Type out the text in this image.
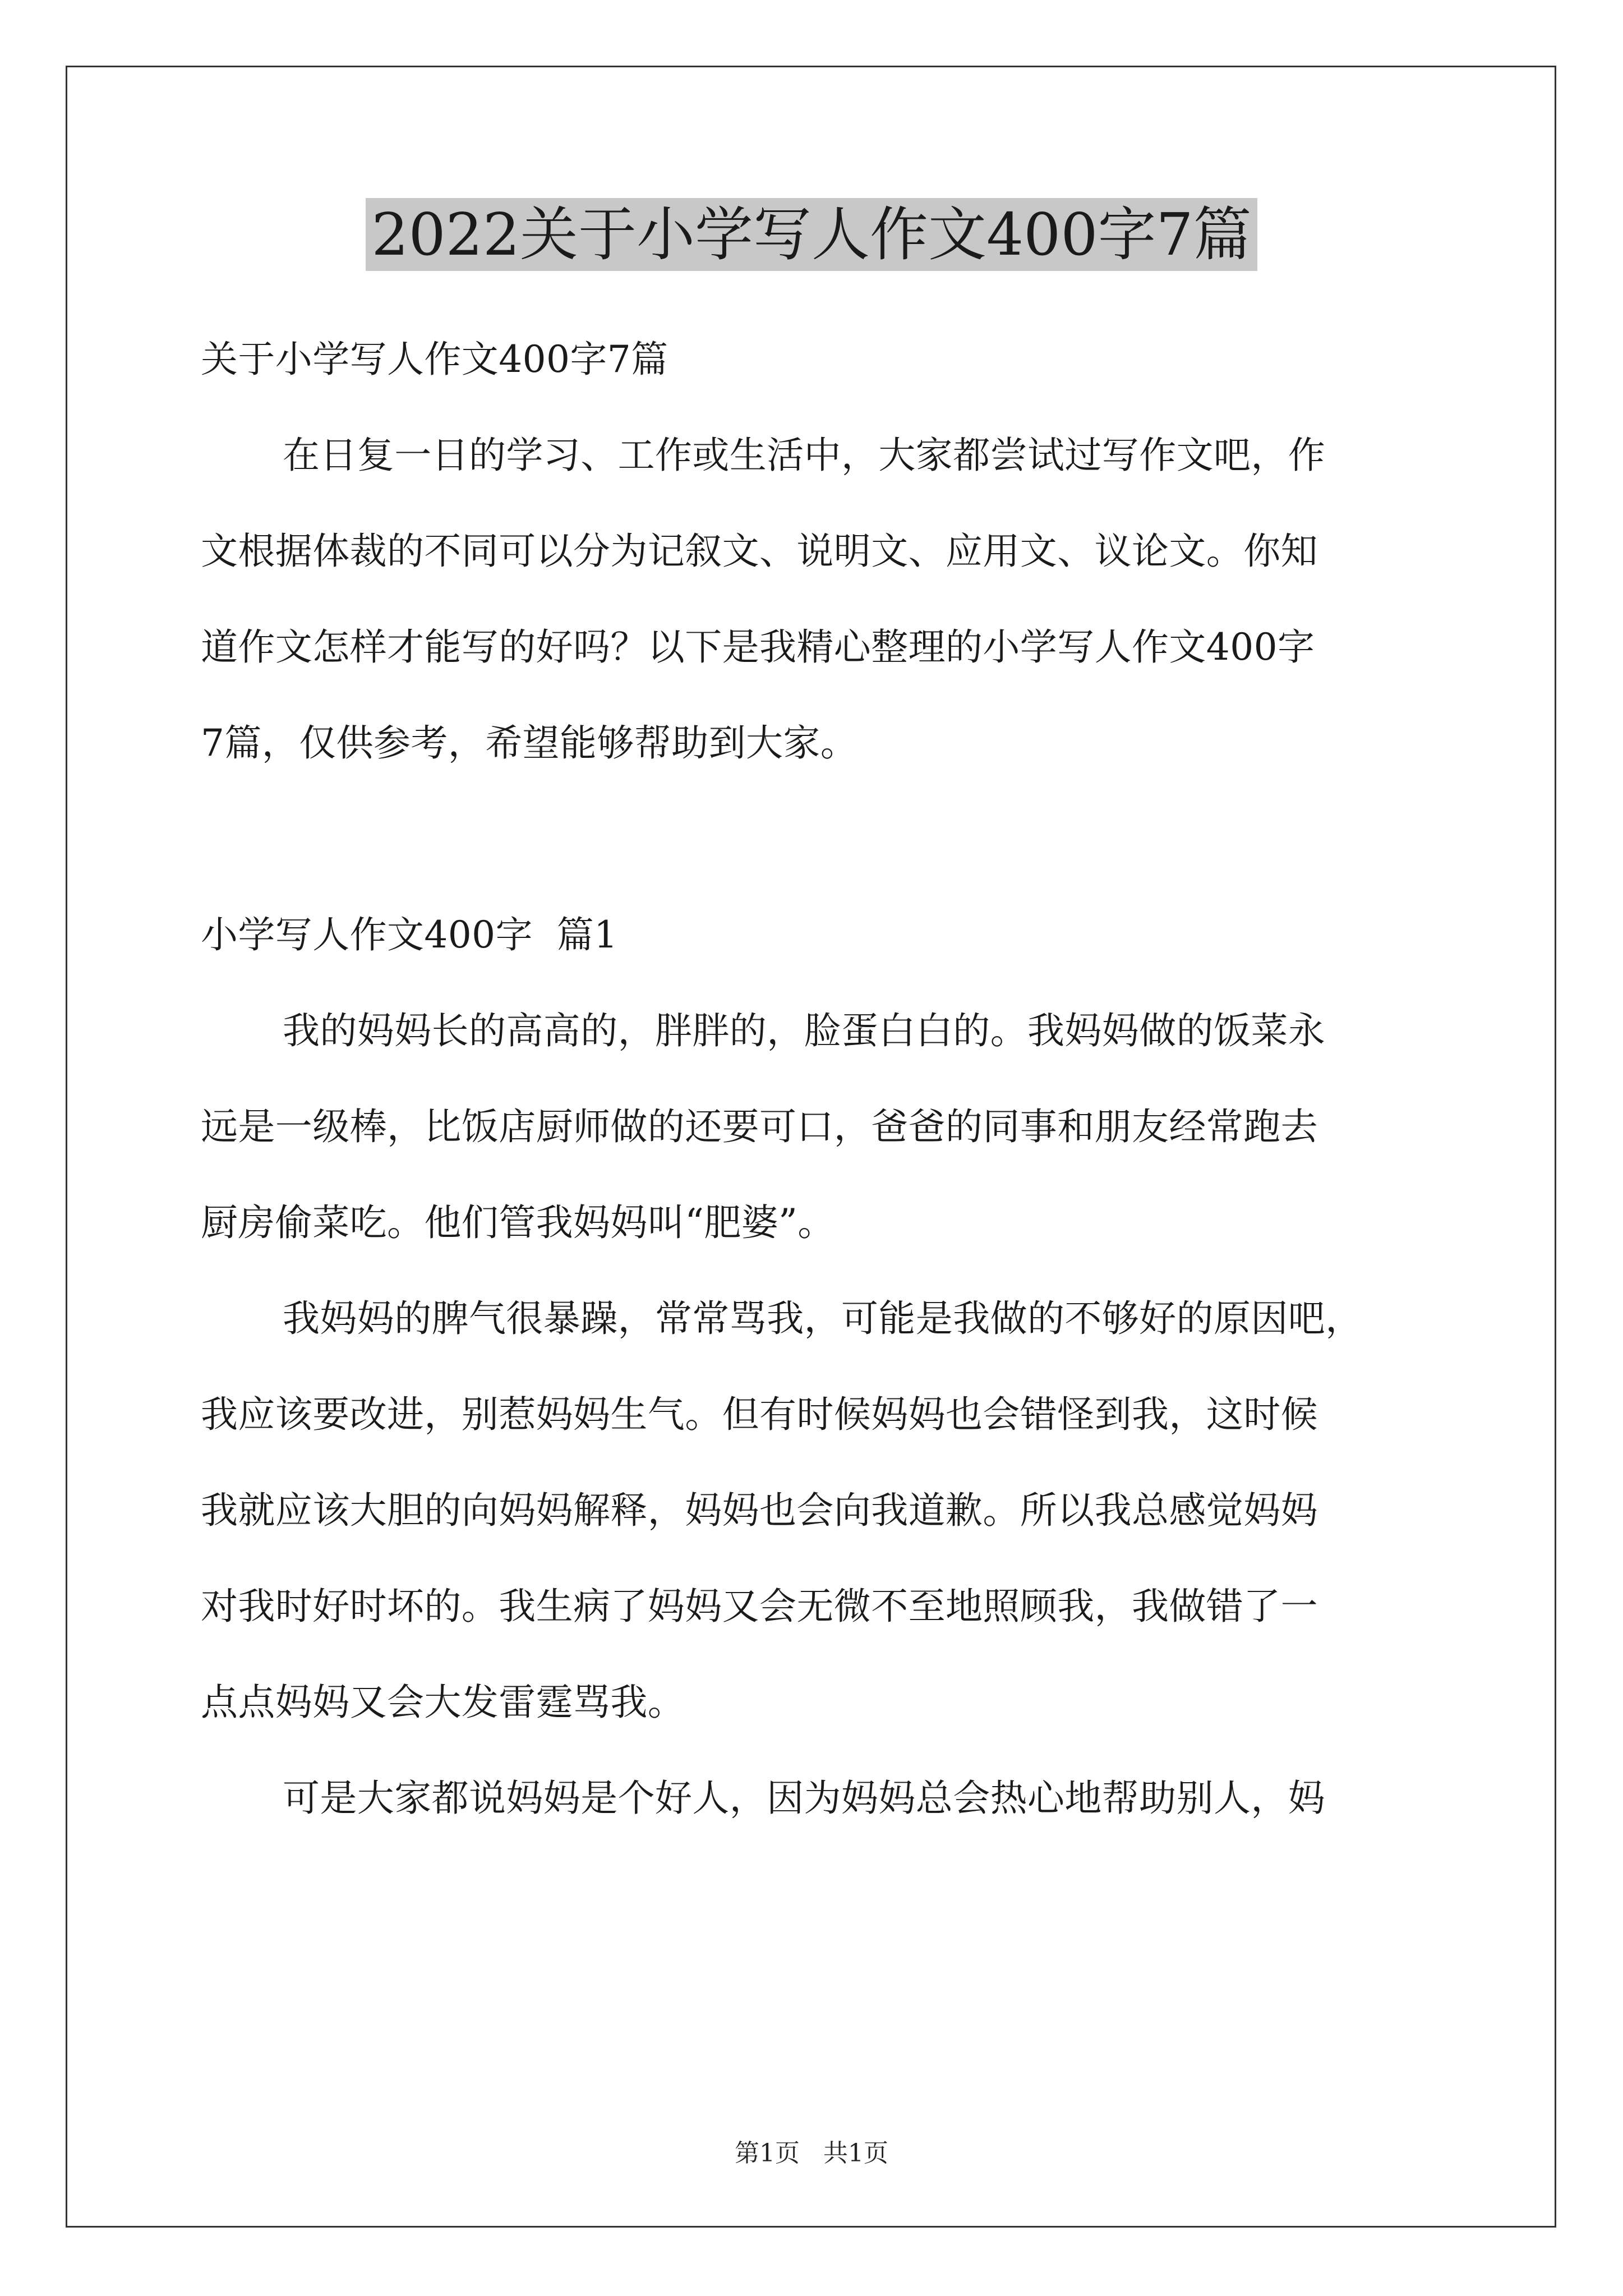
2022关于小学写人作文400字7篇

关于小学写人作文400字7篇

在日复一日的学习、工作或生活中，大家都尝试过写作文吧，作

文根据体裁的不同可以分为记叙文、说明文、应用文、议论文。你知

道作文怎样才能写的好吗？以下是我精心整理的小学写人作文400字

7篇，仅供参考，希望能够帮助到大家。

小学写人作文400字  篇1

我的妈妈长的高高的，胖胖的，脸蛋白白的。我妈妈做的饭菜永

远是一级棒，比饭店厨师做的还要可口，爸爸的同事和朋友经常跑去

厨房偷菜吃。他们管我妈妈叫“肥婆”。

我妈妈的脾气很暴躁，常常骂我，可能是我做的不够好的原因吧，

我应该要改进，别惹妈妈生气。但有时候妈妈也会错怪到我，这时候

我就应该大胆的向妈妈解释，妈妈也会向我道歉。所以我总感觉妈妈

对我时好时坏的。我生病了妈妈又会无微不至地照顾我，我做错了一

点点妈妈又会大发雷霆骂我。

可是大家都说妈妈是个好人，因为妈妈总会热心地帮助别人，妈

第1页   共1页
